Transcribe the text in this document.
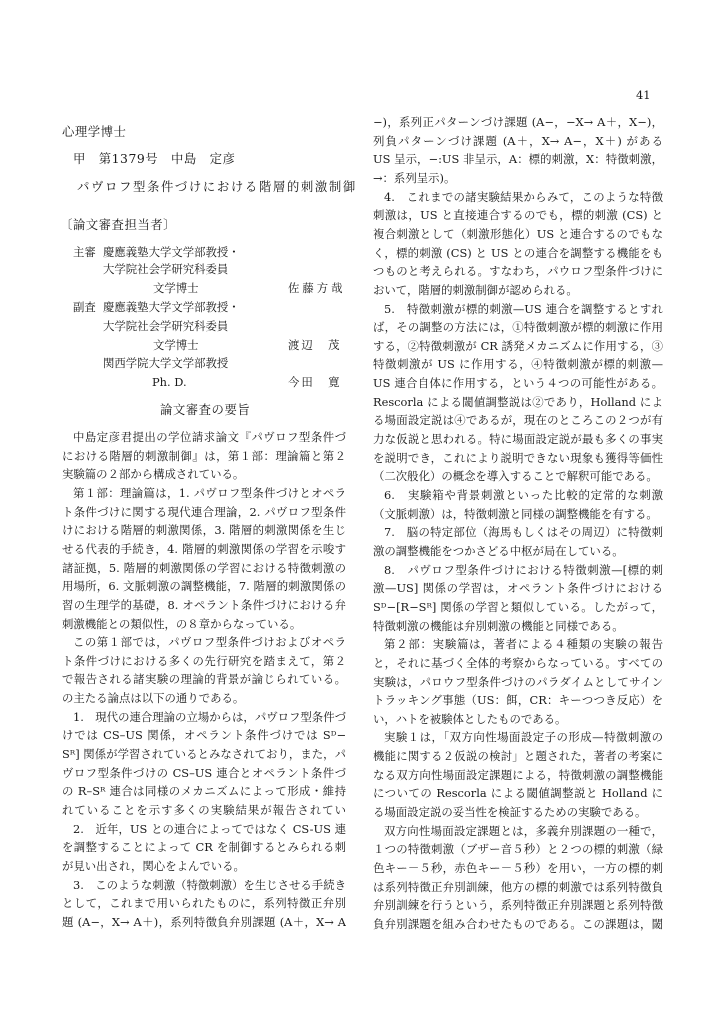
41
心理学博士
甲　第1379号　中島　定彦
パヴロフ型条件づけにおける階層的刺激制御
〔論文審査担当者〕
主審 慶應義塾大学文学部教授・
大学院社会学研究科委員
文学博士	佐藤方哉
副査 慶應義塾大学文学部教授・
大学院社会学研究科委員
文学博士	渡辺　茂
関西学院大学文学部教授
Ph. D.	今田　寛
論文審査の要旨
中島定彦君提出の学位請求論文『パヴロフ型条件づ
における階層的刺激制御』は，第１部：理論篇と第２
実験篇の２部から構成されている。
第１部：理論篇は，1. パヴロフ型条件づけとオペラ
ト条件づけに関する現代連合理論，2. パヴロフ型条件
けにおける階層的刺激関係，3. 階層的刺激関係を生じ
せる代表的手続き，4. 階層的刺激関係の学習を示唆す
諸証拠，5. 階層的刺激関係の学習における特徴刺激の
用場所，6. 文脈刺激の調整機能，7. 階層的刺激関係の
習の生理学的基礎，8. オペラント条件づけにおける弁
刺激機能との類似性，の８章からなっている。
この第１部では，パヴロフ型条件づけおよびオペラ
ト条件づけにおける多くの先行研究を踏まえて，第２
で報告される諸実験の理論的背景が論じられている。
の主たる論点は以下の通りである。
1.　現代の連合理論の立場からは，パヴロフ型条件づ
けでは CS–US 関係，オペラント条件づけでは Sᴰ−
Sᴿ] 関係が学習されているとみなされており，また，パ
ヴロフ型条件づけの CS–US 連合とオペラント条件づ
の R–Sᴿ 連合は同様のメカニズムによって形成・維持
れていることを示す多くの実験結果が報告されてい
2.　近年，US との連合によってではなく CS-US 連
を調整することによって CR を制御するとみられる刺
が見い出され，関心をよんでいる。
3.　このような刺激（特徴刺激）を生じさせる手続き
として，これまで用いられたものに，系列特徴正弁別
題 (A−，X→ A＋)，系列特徴負弁別課題 (A＋，X→ A
−)，系列正パターンづけ課題 (A−，−X→ A＋，X−)，
列負パターンづけ課題 (A＋，X→ A−，X＋) がある
US 呈示，−:US 非呈示，A：標的刺激，X：特徴刺激，
→：系列呈示)。
4.　これまでの諸実験結果からみて，このような特徴
刺激は，US と直接連合するのでも，標的刺激 (CS) と
複合刺激として（刺激形態化）US と連合するのでもな
く，標的刺激 (CS) と US との連合を調整する機能をも
つものと考えられる。すなわち，パウロフ型条件づけに
おいて，階層的刺激制御が認められる。
5.　特徴刺激が標的刺激—US 連合を調整するとすれ
ば，その調整の方法には，①特徴刺激が標的刺激に作用
する，②特徴刺激が CR 誘発メカニズムに作用する，③
特徴刺激が US に作用する，④特徴刺激が標的刺激—
US 連合自体に作用する，という４つの可能性がある。
Rescorla による閾値調整説は②であり，Holland によ
る場面設定説は④であるが，現在のところこの２つが有
力な仮説と思われる。特に場面設定説が最も多くの事実
を説明でき，これにより説明できない現象も獲得等価性
（二次般化）の概念を導入することで解釈可能である。
6.　実験箱や背景刺激といった比較的定常的な刺激
（文脈刺激）は，特徴刺激と同様の調整機能を有する。
7.　脳の特定部位（海馬もしくはその周辺）に特徴刺
激の調整機能をつかさどる中枢が局在している。
8.　パヴロフ型条件づけにおける特徴刺激—[標的刺
激—US] 関係の学習は，オペラント条件づけにおける
Sᴰ−[R−Sᴿ] 関係の学習と類似している。したがって，
特徴刺激の機能は弁別刺激の機能と同様である。
第２部：実験篇は，著者による４種類の実験の報告
と，それに基づく全体的考察からなっている。すべての
実験は，パロウフ型条件づけのパラダイムとしてサイン
トラッキング事態（US：餌，CR：キーつつき反応）を
い，ハトを被験体としたものである。
実験１は，「双方向性場面設定子の形成—特徴刺激の
機能に関する２仮説の検討」と題された，著者の考案に
なる双方向性場面設定課題による，特徴刺激の調整機能
についての Rescorla による閾値調整説と Holland に
る場面設定説の妥当性を検証するための実験である。
双方向性場面設定課題とは，多義弁別課題の一種で，
１つの特徴刺激（ブザー音５秒）と２つの標的刺激（緑
色キー－５秒，赤色キー－５秒）を用い，一方の標的刺
は系列特徴正弁別訓練，他方の標的刺激では系列特徴負
弁別訓練を行うという，系列特徴正弁別課題と系列特徴
負弁別課題を組み合わせたものである。この課題は，閾
